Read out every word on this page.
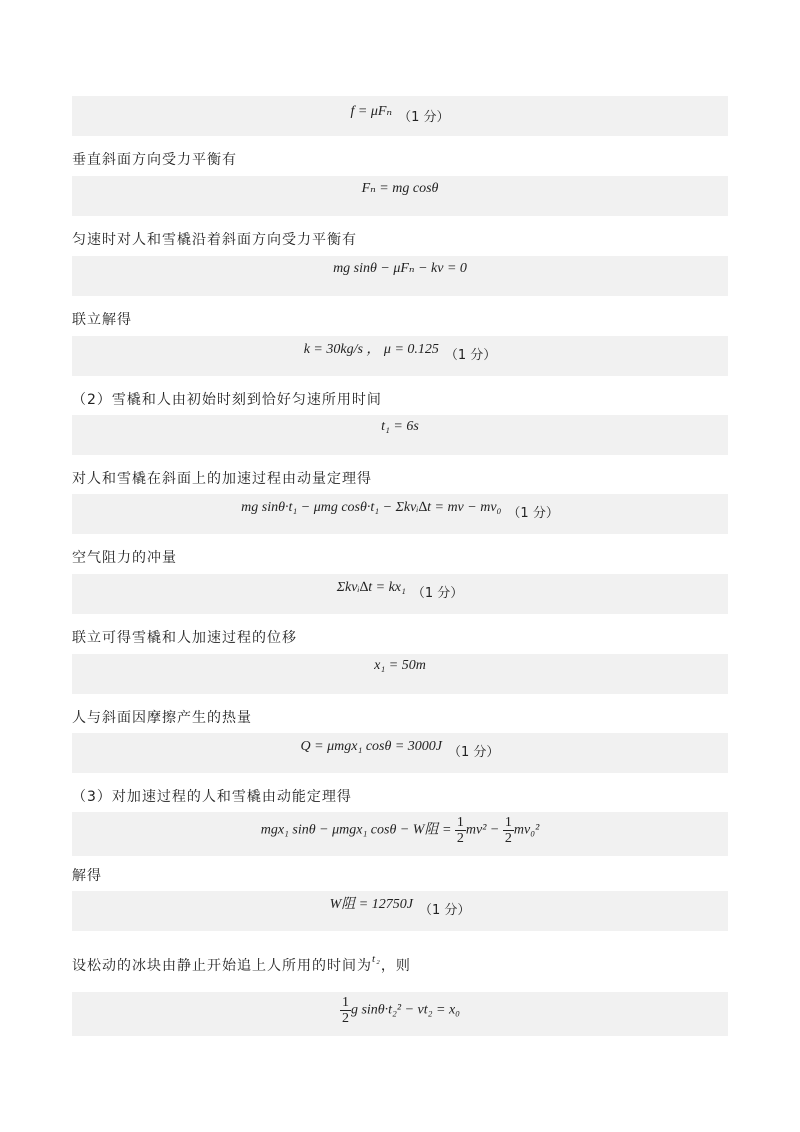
f = μFₙ （1 分）
垂直斜面方向受力平衡有
Fₙ = mg cosθ
匀速时对人和雪橇沿着斜面方向受力平衡有
mg sinθ − μFₙ − kv = 0
联立解得
k = 30kg/s ， μ = 0.125 （1 分）
（2）雪橇和人由初始时刻到恰好匀速所用时间
t₁ = 6s
对人和雪橇在斜面上的加速过程由动量定理得
mg sinθ·t₁ − μmg cosθ·t₁ − Σkvᵢ∆t = mv − mv₀ （1 分）
空气阻力的冲量
Σkvᵢ∆t = kx₁ （1 分）
联立可得雪橇和人加速过程的位移
x₁ = 50m
人与斜面因摩擦产生的热量
Q = μmgx₁ cosθ = 3000J （1 分）
（3）对加速过程的人和雪橇由动能定理得
mgx₁ sinθ − μmgx₁ cosθ − W阻 = $\frac{1}{2} mv^2 - \frac{1}{2} mv_0^2$
解得
W阻 = 12750J （1 分）
设松动的冰块由静止开始追上人所用的时间为$^{t_2}$，则
$\frac{1}{2}$ g sinθ·t₂² − vt₂ = x₀
